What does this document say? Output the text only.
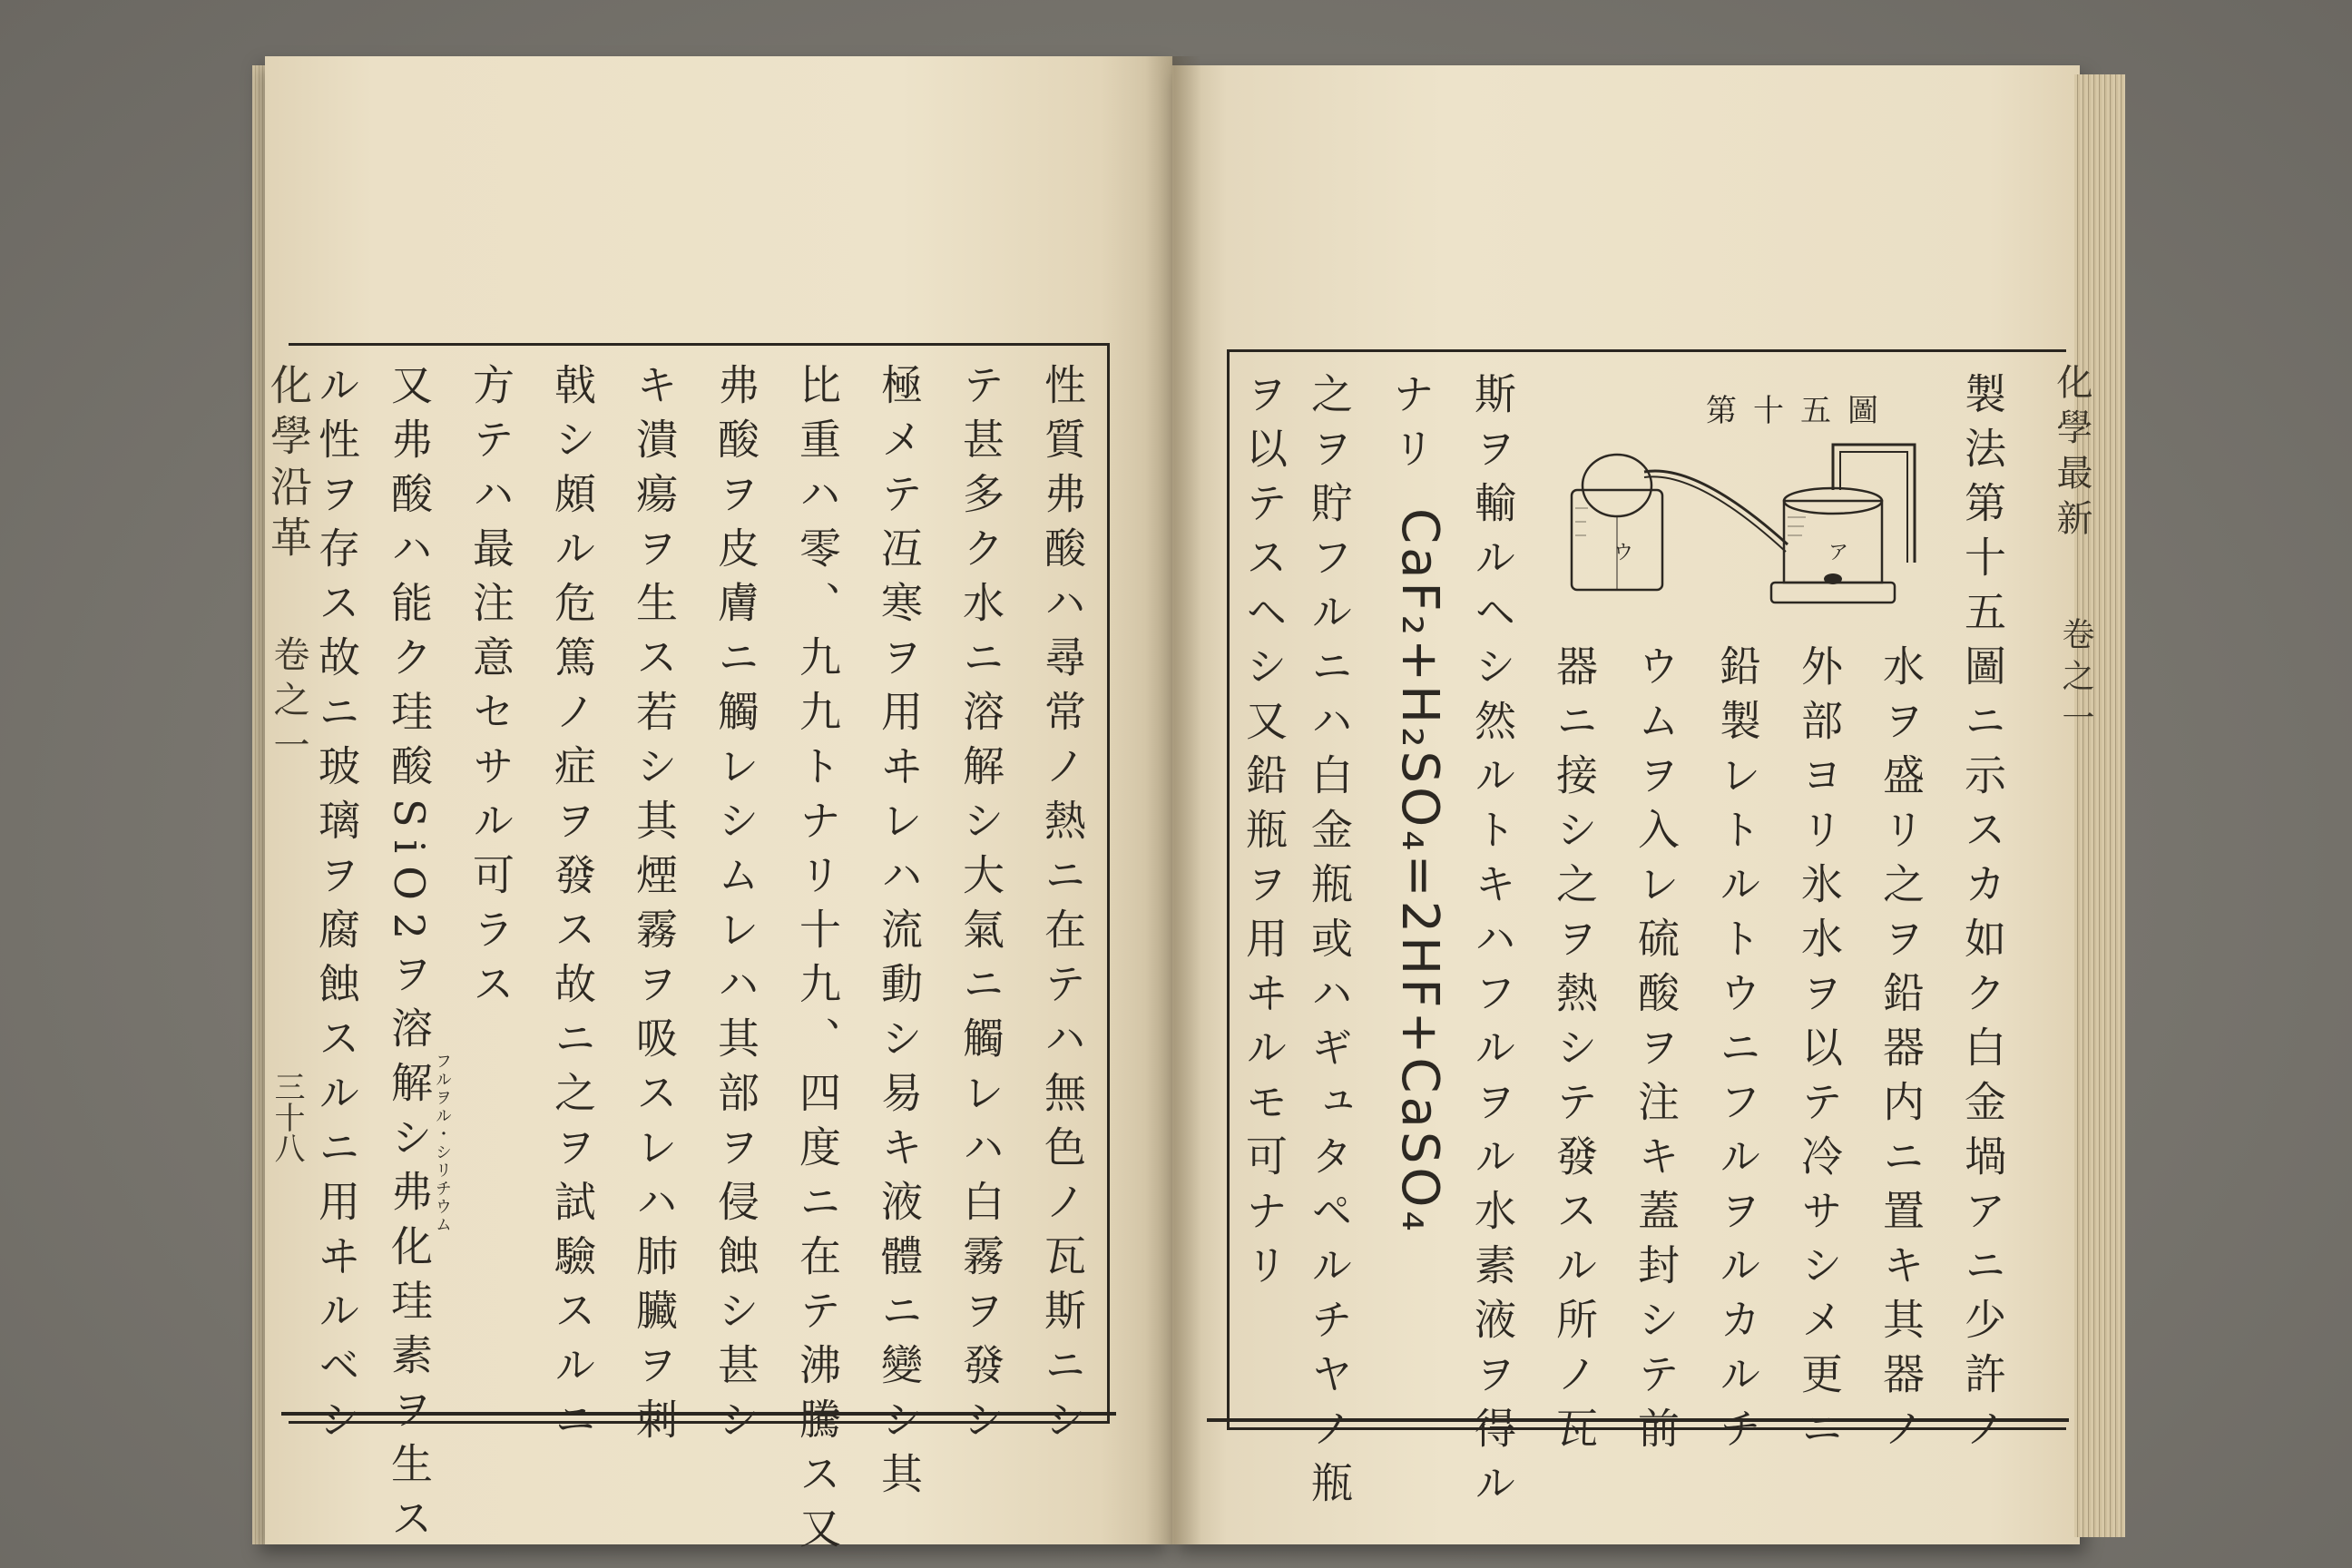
化學沿革
卷之一
三十八	性質弗酸ハ尋常ノ熱ニ在テハ無色ノ瓦斯ニシ
テ甚多ク水ニ溶解シ大氣ニ觸レハ白霧ヲ發シ
極メテ冱寒ヲ用ヰレハ流動シ易キ液體ニ變シ其
比重ハ零、九九トナリ十九、四度ニ在テ沸騰ス又
弗酸ヲ皮膚ニ觸レシムレハ其部ヲ侵蝕シ甚シ
キ潰瘍ヲ生ス若シ其煙霧ヲ吸スレハ肺臟ヲ刺
戟シ頗ル危篤ノ症ヲ發ス故ニ之ヲ試驗スルニ
方テハ最注意セサル可ラス
又弗酸ハ能ク珪酸SiO2ヲ溶解シ弗化珪素ヲ生ス
ル性ヲ存ス故ニ玻璃ヲ腐蝕スルニ用ヰルベシ	フルヲル・シリチウム
化學最新
卷之一
製法第十五圖ニ示スカ如ク白金堝アニ少許ノ
水ヲ盛リ之ヲ鉛器内ニ置キ其器ノ
外部ヨリ氷水ヲ以テ冷サシメ更ニ
鉛製レトルトウニフルヲルカルチ
ウムヲ入レ硫酸ヲ注キ蓋封シテ前
器ニ接シ之ヲ熱シテ發スル所ノ瓦
斯ヲ輸ルヘシ然ルトキハフルヲル水素液ヲ得ル
ナリ
CaF₂+H₂SO₄=2HF+CaSO₄
之ヲ貯フルニハ白金瓶或ハギュタペルチヤノ瓶
ヲ以テスヘシ又鉛瓶ヲ用ヰルモ可ナリ	第十五圖
ウ	ア
